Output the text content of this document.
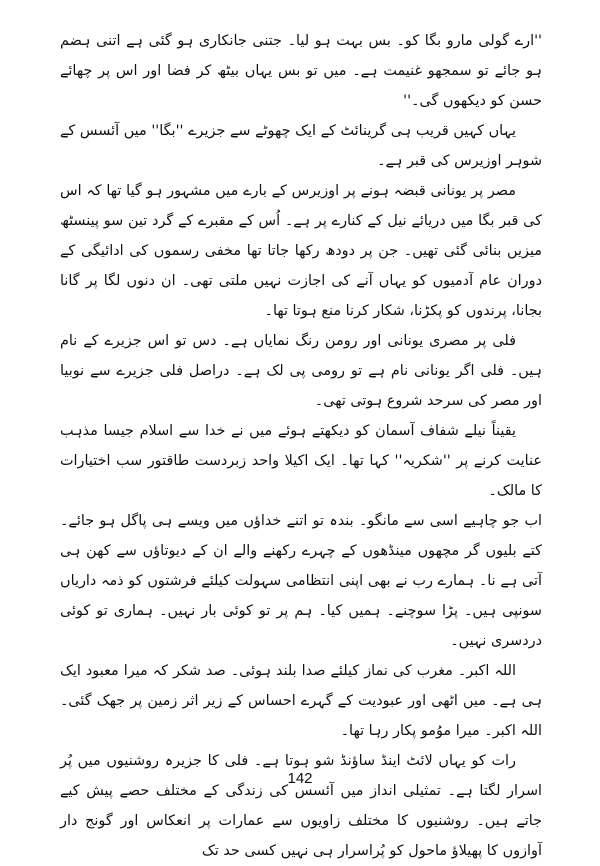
''ارے گولی مارو بگا کو۔ بس بہت ہو لیا۔ جتنی جانکاری ہو گئی ہے اتنی ہضم ہو جائے تو سمجھو غنیمت ہے۔ میں تو بس یہاں بیٹھ کر فضا اور اس پر چھائے حسن کو دیکھوں گی۔''

یہاں کہیں قریب ہی گرینائٹ کے ایک چھوٹے سے جزیرے ''بگا'' میں آئسس کے شوہر اوزیرس کی قبر ہے۔

مصر پر یونانی قبضہ ہونے پر اوزیرس کے بارے میں مشہور ہو گیا تھا کہ اس کی قبر بگا میں دریائے نیل کے کنارے پر ہے۔ اُس کے مقبرے کے گرد تین سو پینسٹھ میزیں بنائی گئی تھیں۔ جن پر دودھ رکھا جاتا تھا مخفی رسموں کی ادائیگی کے دوران عام آدمیوں کو یہاں آنے کی اجازت نہیں ملتی تھی۔ ان دنوں لگا پر گانا بجانا، پرندوں کو پکڑنا، شکار کرنا منع ہوتا تھا۔

فلی پر مصری یونانی اور رومن رنگ نمایاں ہے۔ دس تو اس جزیرے کے نام ہیں۔ فلی اگر یونانی نام ہے تو رومی پی لک ہے۔ دراصل فلی جزیرے سے نوبیا اور مصر کی سرحد شروع ہوتی تھی۔

یقیناً نیلے شفاف آسمان کو دیکھتے ہوئے میں نے خدا سے اسلام جیسا مذہب عنایت کرنے پر ''شکریہ'' کہا تھا۔ ایک اکیلا واحد زبردست طاقتور سب اختیارات کا مالک۔

اب جو چاہیے اسی سے مانگو۔ بندہ تو اتنے خداؤں میں ویسے ہی پاگل ہو جائے۔ کتے بلیوں گر مچھوں مینڈھوں کے چہرے رکھنے والے ان کے دیوتاؤں سے کھن ہی آتی ہے نا۔ ہمارے رب نے بھی اپنی انتظامی سہولت کیلئے فرشتوں کو ذمہ داریاں سونپی ہیں۔ پڑا سوچنے۔ ہمیں کیا۔ ہم پر تو کوئی بار نہیں۔ ہماری تو کوئی دردسری نہیں۔

اللہ اکبر۔ مغرب کی نماز کیلئے صدا بلند ہوئی۔ صد شکر کہ میرا معبود ایک ہی ہے۔ میں اٹھی اور عبودیت کے گہرے احساس کے زیر اثر زمین پر جھک گئی۔ اللہ اکبر۔ میرا موُمو پکار رہا تھا۔

رات کو یہاں لائٹ اینڈ ساؤنڈ شو ہوتا ہے۔ فلی کا جزیرہ روشنیوں میں پُر اسرار لگتا ہے۔ تمثیلی انداز میں آئسس کی زندگی کے مختلف حصے پیش کیے جاتے ہیں۔ روشنیوں کا مختلف زاویوں سے عمارات پر انعکاس اور گونج دار آوازوں کا پھیلاؤ ماحول کو پُراسرار ہی نہیں کسی حد تک

142
